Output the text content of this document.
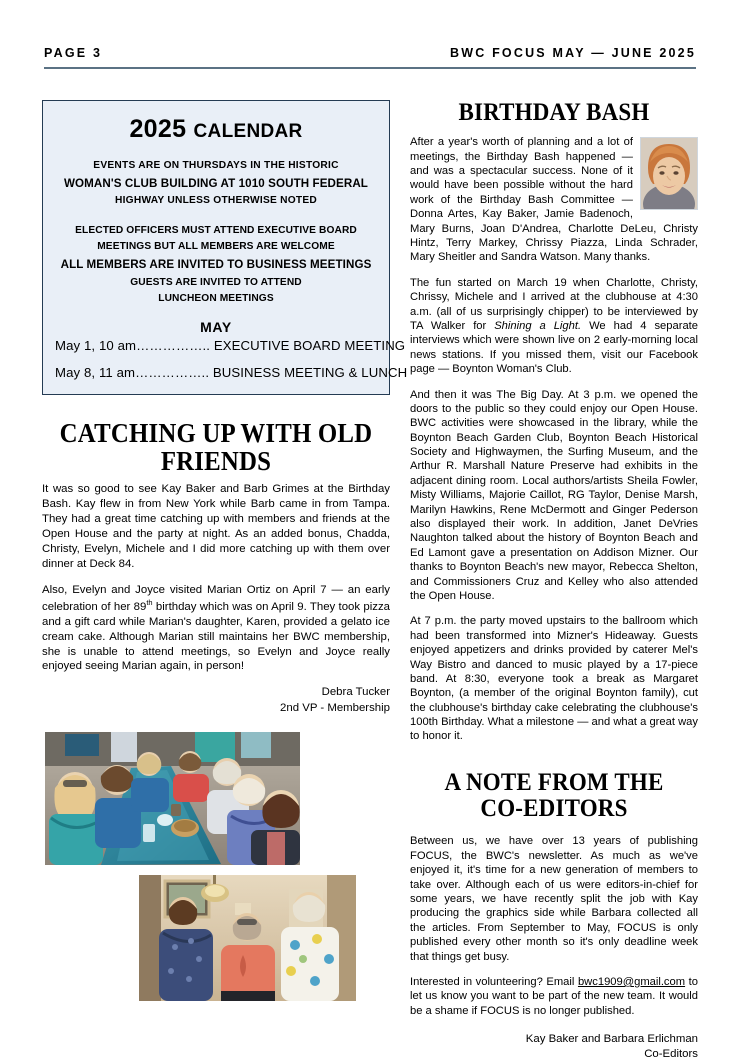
PAGE 3	BWC FOCUS MAY — JUNE 2025
2025 CALENDAR
EVENTS ARE ON THURSDAYS IN THE HISTORIC
WOMAN'S CLUB BUILDING AT 1010 SOUTH FEDERAL
HIGHWAY UNLESS OTHERWISE NOTED
ELECTED OFFICERS MUST ATTEND EXECUTIVE BOARD
MEETINGS BUT ALL MEMBERS ARE WELCOME
ALL MEMBERS ARE INVITED TO BUSINESS MEETINGS
GUESTS ARE INVITED TO ATTEND
LUNCHEON MEETINGS
MAY
May 1, 10 am…………….. EXECUTIVE BOARD MEETING
May 8, 11 am…………….. BUSINESS MEETING & LUNCH
CATCHING UP WITH OLD FRIENDS

It was so good to see Kay Baker and Barb Grimes at the Birthday Bash. Kay flew in from New York while Barb came in from Tampa. They had a great time catching up with members and friends at the Open House and the party at night. As an added bonus, Chadda, Christy, Evelyn, Michele and I did more catching up with them over dinner at Deck 84.

Also, Evelyn and Joyce visited Marian Ortiz on April 7 — an early celebration of her 89th birthday which was on April 9. They took pizza and a gift card while Marian's daughter, Karen, provided a gelato ice cream cake. Although Marian still maintains her BWC membership, she is unable to attend meetings, so Evelyn and Joyce really enjoyed seeing Marian again, in person!

Debra Tucker
2nd VP - Membership
BIRTHDAY BASH

After a year's worth of planning and a lot of meetings, the Birthday Bash happened — and was a spectacular success. None of it would have been possible without the hard work of the Birthday Bash Committee — Donna Artes, Kay Baker, Jamie Badenoch, Mary Burns, Joan D'Andrea, Charlotte DeLeu, Christy Hintz, Terry Markey, Chrissy Piazza, Linda Schrader, Mary Sheitler and Sandra Watson. Many thanks.

The fun started on March 19 when Charlotte, Christy, Chrissy, Michele and I arrived at the clubhouse at 4:30 a.m. (all of us surprisingly chipper) to be interviewed by TA Walker for Shining a Light. We had 4 separate interviews which were shown live on 2 early-morning local news stations. If you missed them, visit our Facebook page — Boynton Woman's Club.

And then it was The Big Day. At 3 p.m. we opened the doors to the public so they could enjoy our Open House. BWC activities were showcased in the library, while the Boynton Beach Garden Club, Boynton Beach Historical Society and Highwaymen, the Surfing Museum, and the Arthur R. Marshall Nature Preserve had exhibits in the adjacent dining room. Local authors/artists Sheila Fowler, Misty Williams, Majorie Caillot, RG Taylor, Denise Marsh, Marilyn Hawkins, Rene McDermott and Ginger Pederson also displayed their work. In addition, Janet DeVries Naughton talked about the history of Boynton Beach and Ed Lamont gave a presentation on Addison Mizner. Our thanks to Boynton Beach's new mayor, Rebecca Shelton, and Commissioners Cruz and Kelley who also attended the Open House.

At 7 p.m. the party moved upstairs to the ballroom which had been transformed into Mizner's Hideaway. Guests enjoyed appetizers and drinks provided by caterer Mel's Way Bistro and danced to music played by a 17-piece band. At 8:30, everyone took a break as Margaret Boynton, (a member of the original Boynton family), cut the clubhouse's birthday cake celebrating the clubhouse's 100th Birthday. What a milestone — and what a great way to honor it.

A NOTE FROM THE CO-EDITORS

Between us, we have over 13 years of publishing FOCUS, the BWC's newsletter. As much as we've enjoyed it, it's time for a new generation of members to take over. Although each of us were editors-in-chief for some years, we have recently split the job with Kay producing the graphics side while Barbara collected all the articles. From September to May, FOCUS is only published every other month so it's only deadline week that things get busy.

Interested in volunteering? Email bwc1909@gmail.com to let us know you want to be part of the new team. It would be a shame if FOCUS is no longer published.

Kay Baker and Barbara Erlichman
Co-Editors
